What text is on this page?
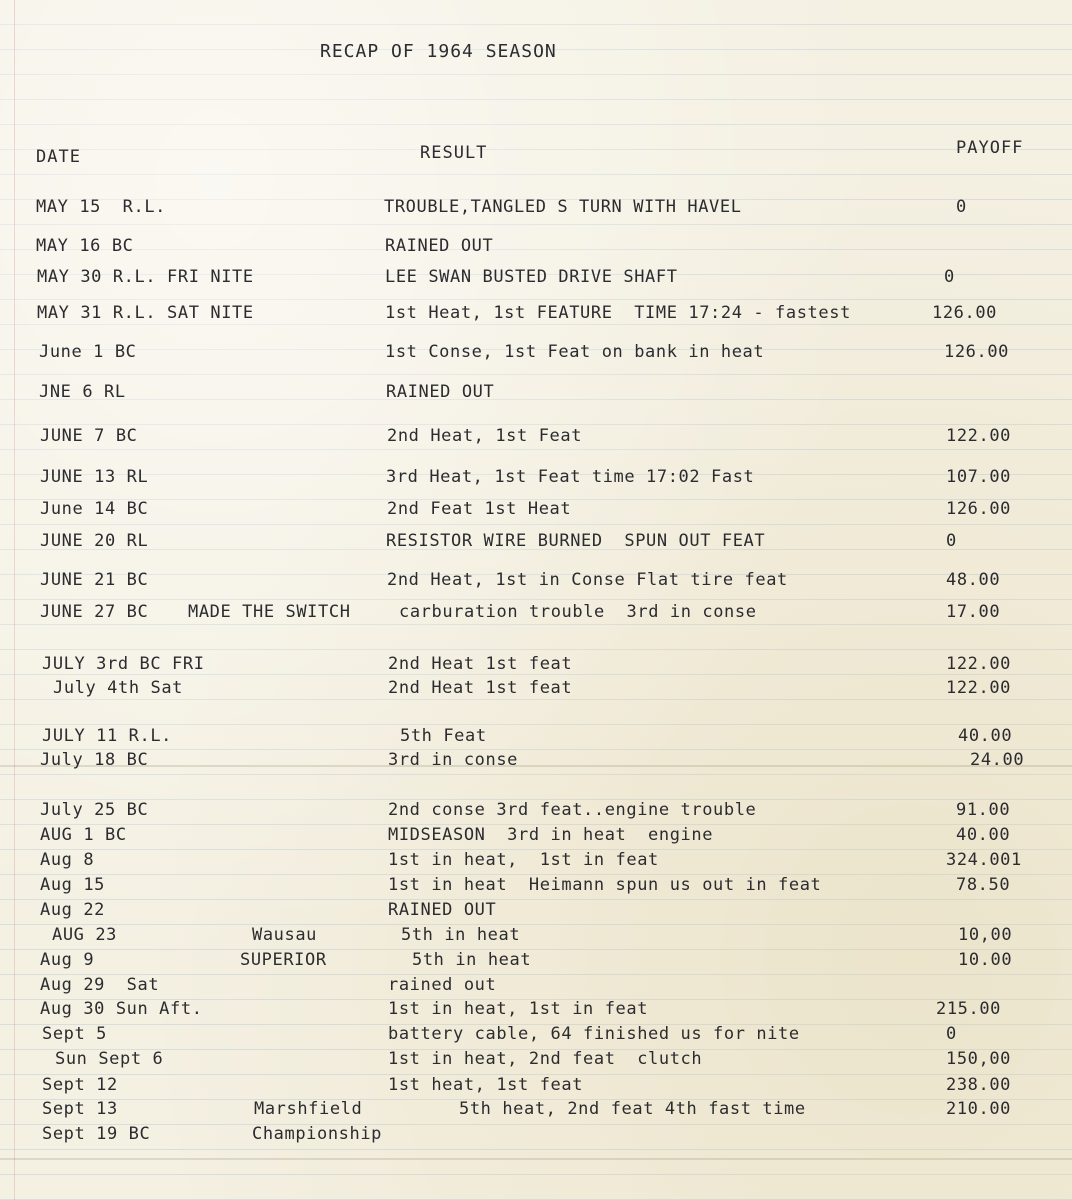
RECAP OF 1964 SEASON
DATE	RESULT	PAYOFF
MAY 15  R.L.	TROUBLE,TANGLED S TURN WITH HAVEL	0
MAY 16 BC	RAINED OUT
MAY 30 R.L. FRI NITE	LEE SWAN BUSTED DRIVE SHAFT	0
MAY 31 R.L. SAT NITE	1st Heat, 1st FEATURE  TIME 17:24 - fastest	126.00
June 1 BC	1st Conse, 1st Feat on bank in heat	126.00
JNE 6 RL	RAINED OUT
JUNE 7 BC	2nd Heat, 1st Feat	122.00
JUNE 13 RL	3rd Heat, 1st Feat time 17:02 Fast	107.00
June 14 BC	2nd Feat 1st Heat	126.00
JUNE 20 RL	RESISTOR WIRE BURNED  SPUN OUT FEAT	0
JUNE 21 BC	2nd Heat, 1st in Conse Flat tire feat	48.00
JUNE 27 BC MADE THE SWITCH	carburation trouble  3rd in conse	17.00
JULY 3rd BC FRI	2nd Heat 1st feat	122.00
July 4th Sat	2nd Heat 1st feat	122.00
JULY 11 R.L.	5th Feat	40.00
July 18 BC	3rd in conse	24.00
July 25 BC	2nd conse 3rd feat..engine trouble	91.00
AUG 1 BC	MIDSEASON  3rd in heat  engine	40.00
Aug 8	1st in heat,  1st in feat	324.001
Aug 15	1st in heat  Heimann spun us out in feat	78.50
Aug 22	RAINED OUT
AUG 23	Wausau	5th in heat	10,00
Aug 9	SUPERIOR	5th in heat	10.00
Aug 29  Sat	rained out
Aug 30 Sun Aft.	1st in heat, 1st in feat	215.00
Sept 5	battery cable, 64 finished us for nite	0
Sun Sept 6	1st in heat, 2nd feat  clutch	150,00
Sept 12	1st heat, 1st feat	238.00
Sept 13	Marshfield	5th heat, 2nd feat 4th fast time	210.00
Sept 19 BC	Championship
